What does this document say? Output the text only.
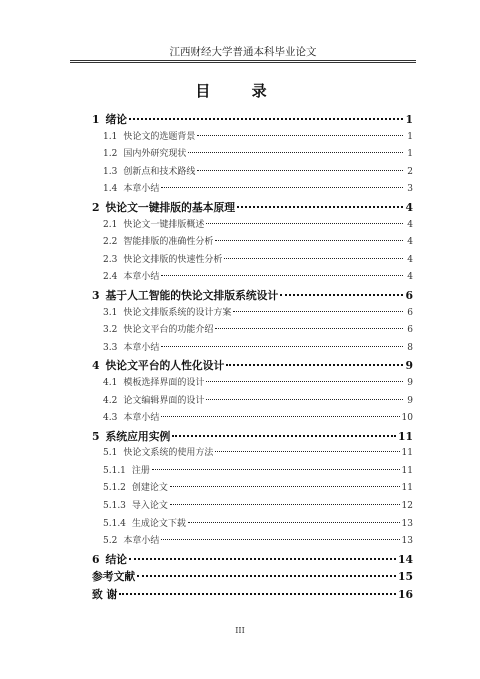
江西财经大学普通本科毕业论文
目 录
1 绪论	1
1.1 快论文的选题背景	1
1.2 国内外研究现状	1
1.3 创新点和技术路线	2
1.4 本章小结	3
2 快论文一键排版的基本原理	4
2.1 快论文一键排版概述	4
2.2 智能排版的准确性分析	4
2.3 快论文排版的快速性分析	4
2.4 本章小结	4
3 基于人工智能的快论文排版系统设计	6
3.1 快论文排版系统的设计方案	6
3.2 快论文平台的功能介绍	6
3.3 本章小结	8
4 快论文平台的人性化设计	9
4.1 模板选择界面的设计	9
4.2 论文编辑界面的设计	9
4.3 本章小结	10
5 系统应用实例	11
5.1 快论文系统的使用方法	11
5.1.1 注册	11
5.1.2 创建论文	11
5.1.3 导入论文	12
5.1.4 生成论文下载	13
5.2 本章小结	13
6 结论	14
参考文献	15
致 谢	16
III
